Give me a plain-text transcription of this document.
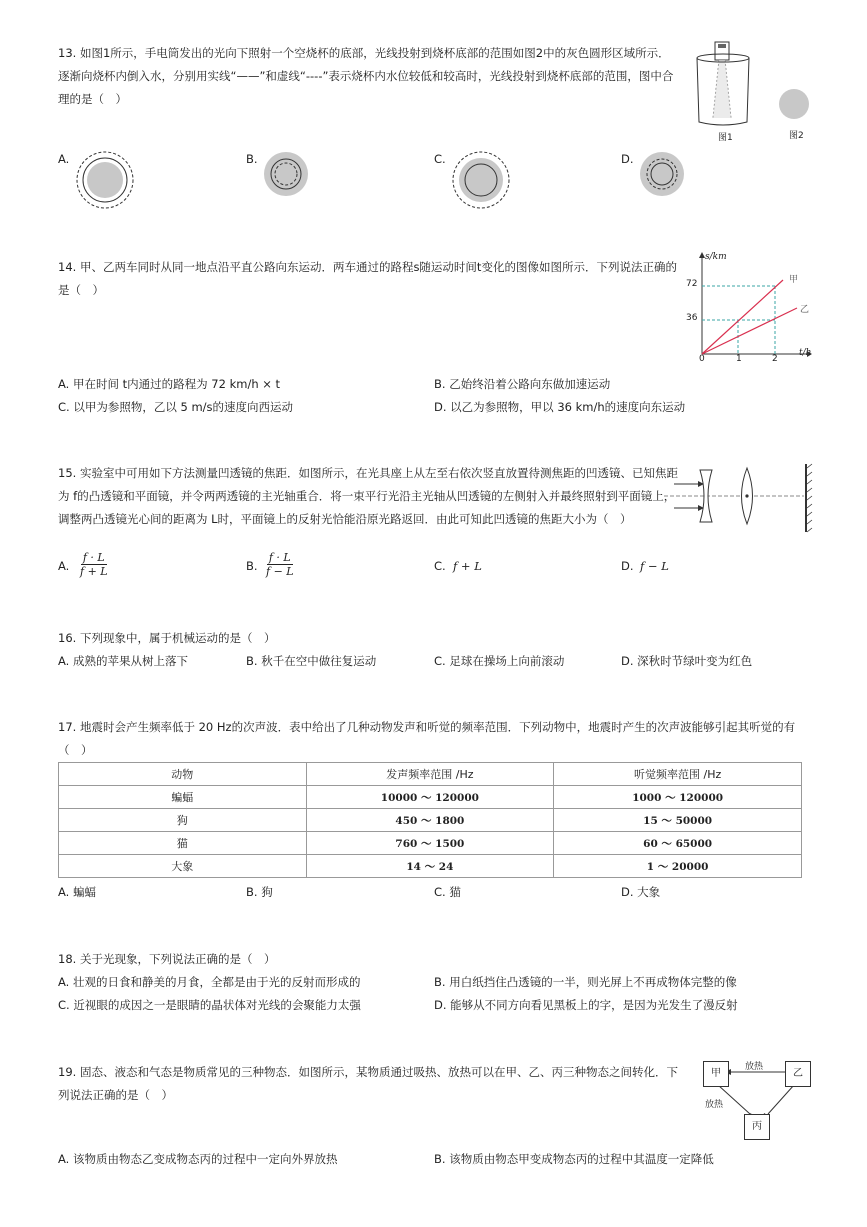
13. 如图1所示，手电筒发出的光向下照射一个空烧杯的底部，光线投射到烧杯底部的范围如图2中的灰色圆形区域所示．逐渐向烧杯内倒入水，分别用实线“——”和虚线“----”表示烧杯内水位较低和较高时，光线投射到烧杯底部的范围，图中合理的是（　）
图1	图2
A.	B.	C.	D.
14. 甲、乙两车同时从同一地点沿平直公路向东运动．两车通过的路程s随运动时间t变化的图像如图所示．下列说法正确的是（　）
s/km
t/h
72
36
0	1	2
甲
乙
A. 甲在时间 t内通过的路程为 72 km/h × t	B. 乙始终沿着公路向东做加速运动
C. 以甲为参照物，乙以 5 m/s的速度向西运动	D. 以乙为参照物，甲以 36 km/h的速度向东运动
15. 实验室中可用如下方法测量凹透镜的焦距．如图所示，在光具座上从左至右依次竖直放置待测焦距的凹透镜、已知焦距为 f的凸透镜和平面镜，并令两两透镜的主光轴重合．将一束平行光沿主光轴从凹透镜的左侧射入并最终照射到平面镜上，调整两凸透镜光心间的距离为 L时，平面镜上的反射光恰能沿原光路返回．由此可知此凹透镜的焦距大小为（　）
A. $\frac{f \cdot L}{f + L}$	B. $\frac{f \cdot L}{f - L}$	C. f + L	D. f − L
16. 下列现象中，属于机械运动的是（　）
A. 成熟的苹果从树上落下	B. 秋千在空中做往复运动	C. 足球在操场上向前滚动	D. 深秋时节绿叶变为红色
17. 地震时会产生频率低于 20 Hz的次声波．表中给出了几种动物发声和听觉的频率范围．下列动物中，地震时产生的次声波能够引起其听觉的有（　）
动物	发声频率范围 /Hz	听觉频率范围 /Hz
蝙蝠	10000 ～ 120000	1000 ～ 120000
狗	450 ～ 1800	15 ～ 50000
猫	760 ～ 1500	60 ～ 65000
大象	14 ～ 24	1 ～ 20000
A. 蝙蝠	B. 狗	C. 猫	D. 大象
18. 关于光现象，下列说法正确的是（　）
A. 壮观的日食和静美的月食，全都是由于光的反射而形成的	B. 用白纸挡住凸透镜的一半，则光屏上不再成物体完整的像
C. 近视眼的成因之一是眼睛的晶状体对光线的会聚能力太强	D. 能够从不同方向看见黑板上的字，是因为光发生了漫反射
19. 固态、液态和气态是物质常见的三种物态．如图所示，某物质通过吸热、放热可以在甲、乙、丙三种物态之间转化．下列说法正确的是（　）
甲	乙
丙
放热
放热
A. 该物质由物态乙变成物态丙的过程中一定向外界放热	B. 该物质由物态甲变成物态丙的过程中其温度一定降低
